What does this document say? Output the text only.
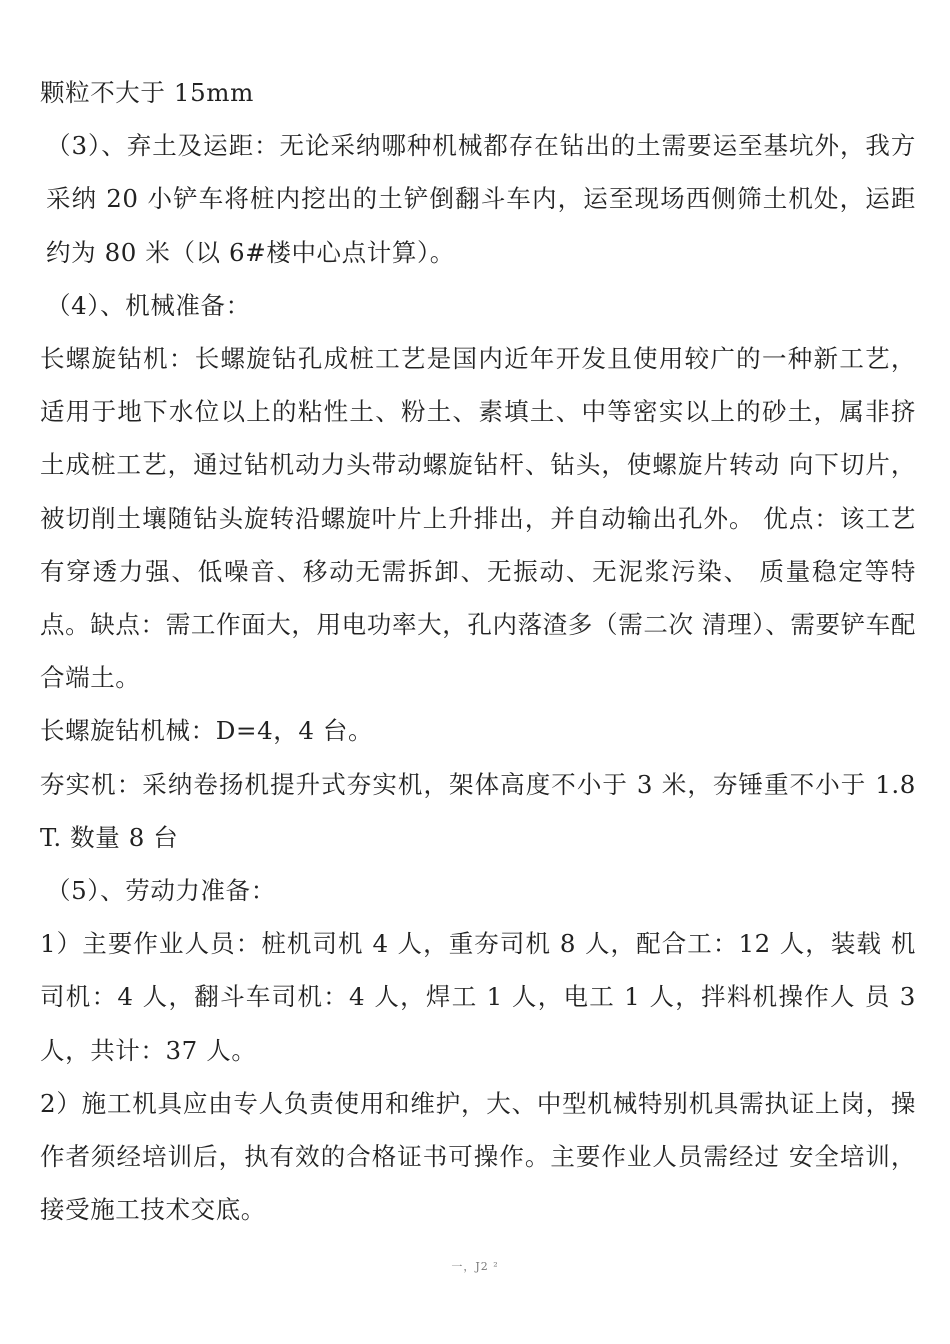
颗粒不大于 15mm

（3）、弃土及运距：无论采纳哪种机械都存在钻出的土需要运至基坑外，我方采纳 20 小铲车将桩内挖出的土铲倒翻斗车内，运至现场西侧筛土机处，运距约为 80 米（以 6#楼中心点计算）。

（4）、机械准备：

长螺旋钻机：长螺旋钻孔成桩工艺是国内近年开发且使用较广的一种新工艺，适用于地下水位以上的粘性土、粉土、素填土、中等密实以上的砂土，属非挤土成桩工艺，通过钻机动力头带动螺旋钻杆、钻头，使螺旋片转动 向下切片，被切削土壤随钻头旋转沿螺旋叶片上升排出，并自动输出孔外。 优点：该工艺有穿透力强、低噪音、移动无需拆卸、无振动、无泥浆污染、 质量稳定等特点。缺点：需工作面大，用电功率大，孔内落渣多（需二次 清理）、需要铲车配合端土。

长螺旋钻机械：D=4，4 台。

夯实机：采纳卷扬机提升式夯实机，架体高度不小于 3 米，夯锤重不小于 1.8T. 数量 8 台

（5）、劳动力准备：

1）主要作业人员：桩机司机 4 人，重夯司机 8 人，配合工：12 人，装载 机司机：4 人，翻斗车司机：4 人，焊工 1 人，电工 1 人，拌料机操作人 员 3 人，共计：37 人。

2）施工机具应由专人负责使用和维护，大、中型机械特别机具需执证上岗，操作者须经培训后，执有效的合格证书可操作。主要作业人员需经过 安全培训，接受施工技术交底。

一，J2 ²
